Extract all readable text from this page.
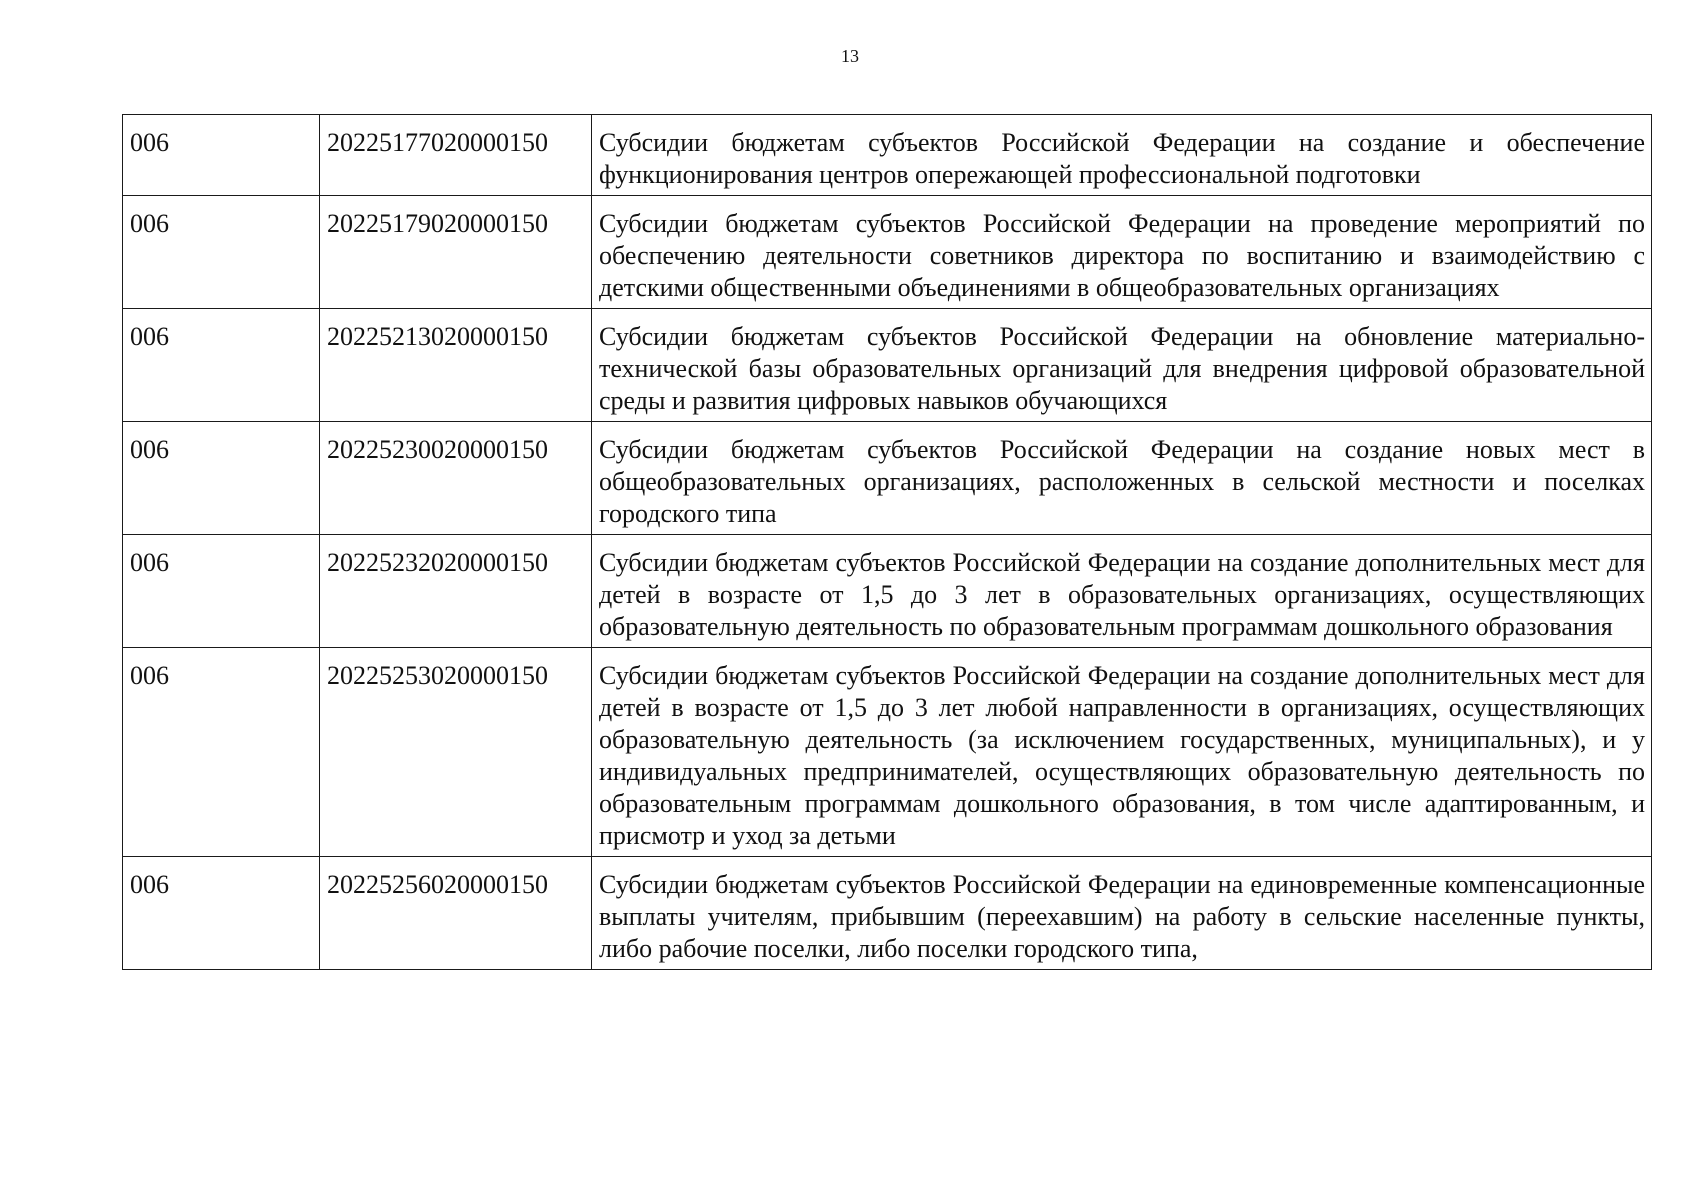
13
006	20225177020000150	Субсидии бюджетам субъектов Российской Федерации на создание и обеспечение функционирования центров опережающей профессиональной подготовки
006	20225179020000150	Субсидии бюджетам субъектов Российской Федерации на проведение мероприятий по обеспечению деятельности советников директора по воспитанию и взаимодействию с детскими общественными объединениями в общеобразовательных организациях
006	20225213020000150	Субсидии бюджетам субъектов Российской Федерации на обновление материально-технической базы образовательных организаций для внедрения цифровой образовательной среды и развития цифровых навыков обучающихся
006	20225230020000150	Субсидии бюджетам субъектов Российской Федерации на создание новых мест в общеобразовательных организациях, расположенных в сельской местности и поселках городского типа
006	20225232020000150	Субсидии бюджетам субъектов Российской Федерации на создание дополнительных мест для детей в возрасте от 1,5 до 3 лет в образовательных организациях, осуществляющих образовательную деятельность по образовательным программам дошкольного образования
006	20225253020000150	Субсидии бюджетам субъектов Российской Федерации на создание дополнительных мест для детей в возрасте от 1,5 до 3 лет любой направленности в организациях, осуществляющих образовательную деятельность (за исключением государственных, муниципальных), и у индивидуальных предпринимателей, осуществляющих образовательную деятельность по образовательным программам дошкольного образования, в том числе адаптированным, и присмотр и уход за детьми
006	20225256020000150	Субсидии бюджетам субъектов Российской Федерации на единовременные компенсационные выплаты учителям, прибывшим (переехавшим) на работу в сельские населенные пункты, либо рабочие поселки, либо поселки городского типа,
